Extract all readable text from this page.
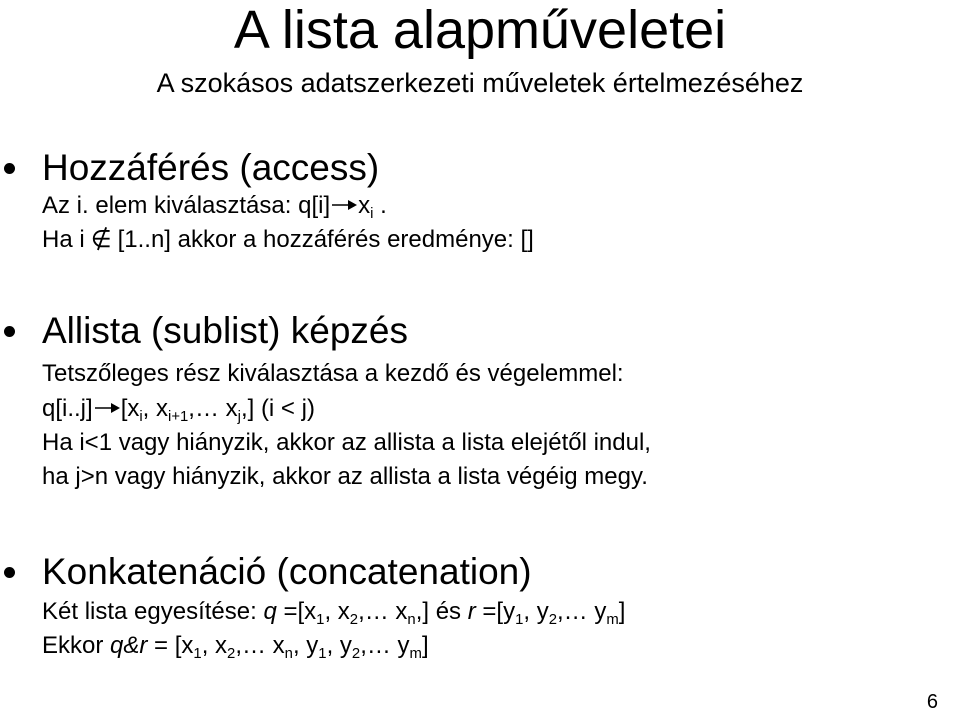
A lista alapműveletei
A szokásos adatszerkezeti műveletek értelmezéséhez
Hozzáférés (access)
Az i. elem kiválasztása: q[i] $x_i$ .
Ha i ∉ [1..n] akkor a hozzáférés eredménye: []
Allista (sublist) képzés
Tetszőleges rész kiválasztása a kezdő és végelemmel:
q[i..j] [$x_i$, $x_{i+1},\dots$ $x_j$,] (i < j)
Ha i<1 vagy hiányzik, akkor az allista a lista elejétől indul,
ha j>n vagy hiányzik, akkor az allista a lista végéig megy.
Konkatenáció (concatenation)
Két lista egyesítése: $q =[x_1$, $x_2,\dots$ $x_n$,] és $r =[y_1$, $y_2,\dots$ $y_m$]
Ekkor q&r = [$x_1$, $x_2,\dots$ $x_n$, $y_1$, $y_2,\dots$ $y_m$]
6
